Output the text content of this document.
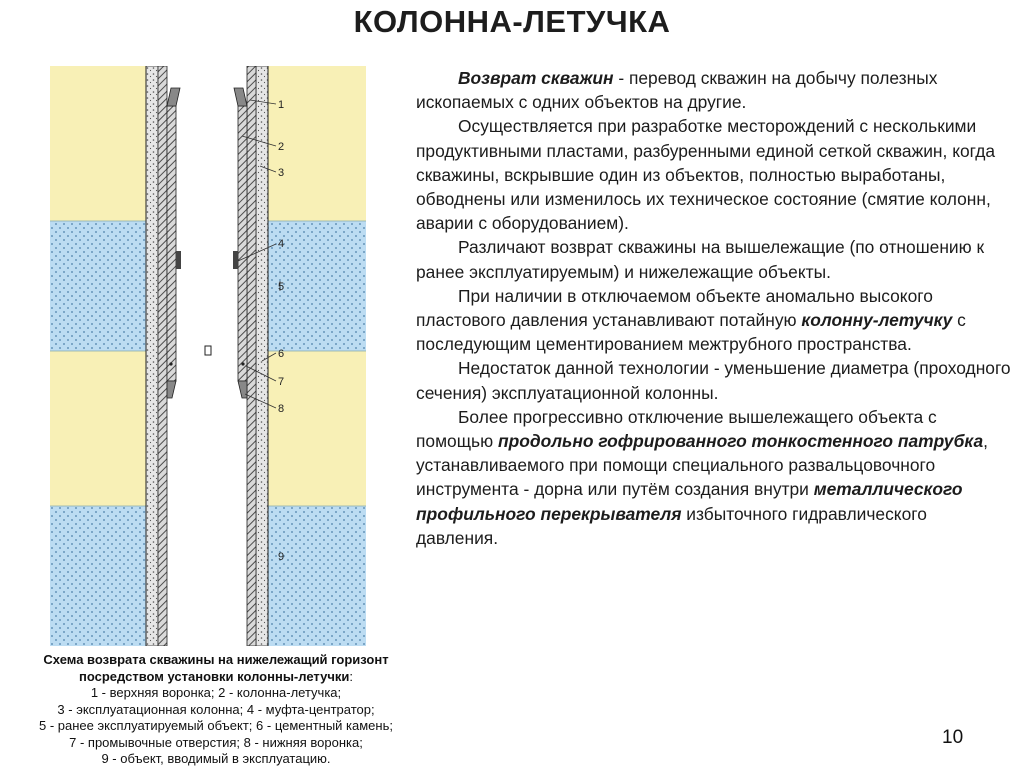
КОЛОННА-ЛЕТУЧКА
1
2
3
4
5
6
7
8
9
Схема возврата скважины на нижележащий горизонт
посредством установки колонны-летучки:
1 - верхняя воронка; 2 - колонна-летучка;
3 - эксплуатационная колонна; 4 - муфта-центратор;
5 - ранее эксплуатируемый объект; 6 - цементный камень;
7 - промывочные отверстия; 8 - нижняя воронка;
9 - объект, вводимый в эксплуатацию.

Возврат скважин - перевод скважин на добычу полезных ископаемых с одних объектов на другие.

Осуществляется при разработке месторождений с несколькими продуктивными пластами, разбуренными единой сеткой скважин, когда скважины, вскрывшие один из объектов, полностью выработаны, обводнены или изменилось их техническое состояние (смятие колонн, аварии с оборудованием).

Различают возврат скважины на вышележащие (по отношению к ранее эксплуатируемым) и нижележащие объекты.

При наличии в отключаемом объекте аномально высокого пластового давления устанавливают потайную колонну-летучку с последующим цементированием межтрубного пространства.

Недостаток данной технологии - уменьшение диаметра (проходного сечения) эксплуатационной колонны.

Более прогрессивно отключение вышележащего объекта с помощью продольно гофрированного тонкостенного патрубка, устанавливаемого при помощи специального развальцовочного инструмента - дорна или путём создания внутри металлического профильного перекрывателя избыточного гидравлического давления.

10
